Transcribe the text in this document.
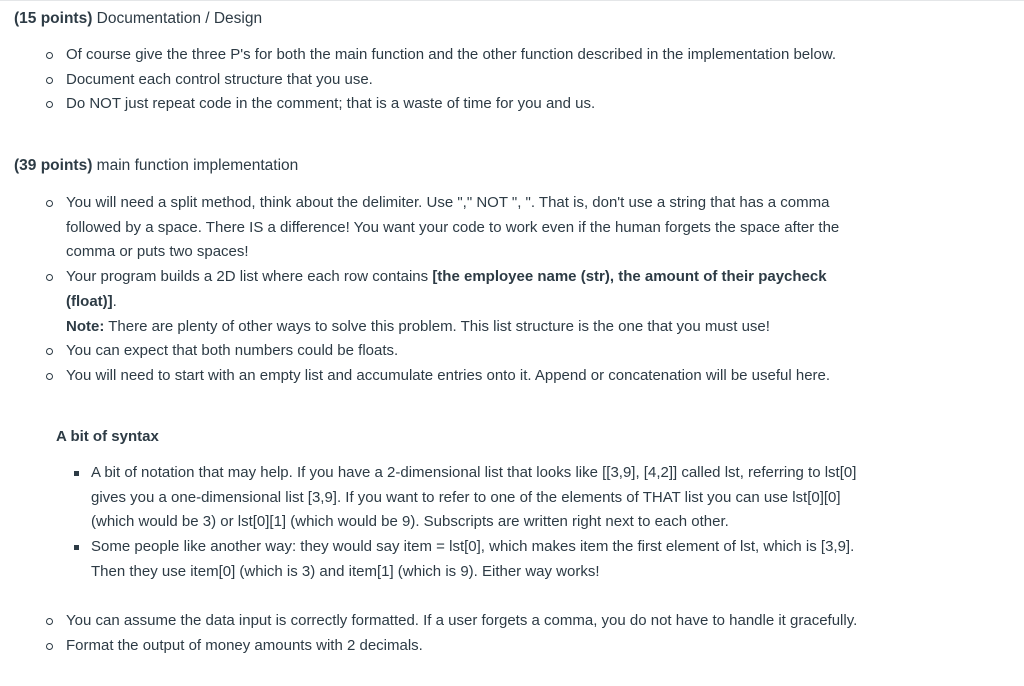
(15 points) Documentation / Design

Of course give the three P's for both the main function and the other function described in the implementation below.
Document each control structure that you use.
Do NOT just repeat code in the comment; that is a waste of time for you and us.

(39 points) main function implementation

You will need a split method, think about the delimiter. Use "," NOT ", ". That is, don't use a string that has a comma followed by a space. There IS a difference! You want your code to work even if the human forgets the space after the comma or puts two spaces!
Your program builds a 2D list where each row contains [the employee name (str), the amount of their paycheck (float)].
Note: There are plenty of other ways to solve this problem. This list structure is the one that you must use!
You can expect that both numbers could be floats.
You will need to start with an empty list and accumulate entries onto it. Append or concatenation will be useful here.

A bit of syntax

A bit of notation that may help. If you have a 2-dimensional list that looks like [[3,9], [4,2]] called lst, referring to lst[0] gives you a one-dimensional list [3,9]. If you want to refer to one of the elements of THAT list you can use lst[0][0] (which would be 3) or lst[0][1] (which would be 9). Subscripts are written right next to each other.
Some people like another way: they would say item = lst[0], which makes item the first element of lst, which is [3,9]. Then they use item[0] (which is 3) and item[1] (which is 9). Either way works!
You can assume the data input is correctly formatted. If a user forgets a comma, you do not have to handle it gracefully.
Format the output of money amounts with 2 decimals.
